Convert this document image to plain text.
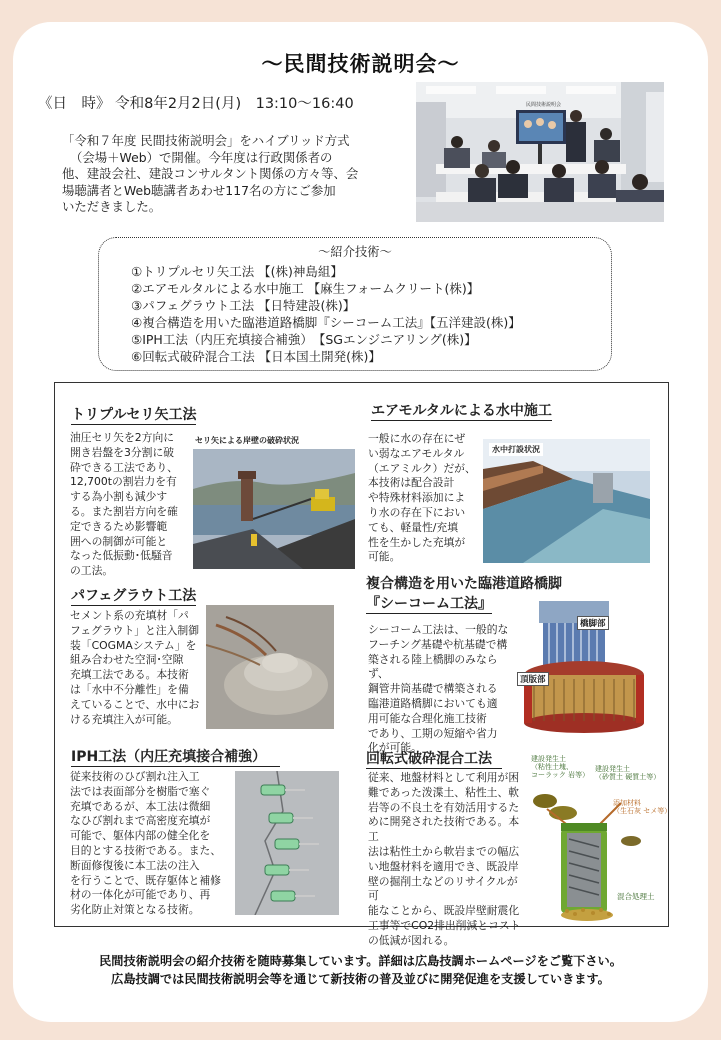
～民間技術説明会～
《日　時》 令和8年2月2日(月)　13:10～16:40
「令和７年度 民間技術説明会」をハイブリッド方式
（会場＋Web）で開催。今年度は行政関係者の
他、建設会社、建設コンサルタント関係の方々等、会
場聴講者とWeb聴講者あわせ117名の方にご参加
いただきました。
民間技術説明会
～紹介技術～
①トリプルセリ矢工法 【(株)神島組】
②エアモルタルによる水中施工 【麻生フォームクリート(株)】
③パフェグラウト工法 【日特建設(株)】
④複合構造を用いた臨港道路橋脚『シーコーム工法』【五洋建設(株)】
⑤IPH工法（内圧充填接合補強）　【SGエンジニアリング(株)】
⑥回転式破砕混合工法 【日本国土開発(株)】
トリプルセリ矢工法
油圧セリ矢を2方向に
開き岩盤を3分割に破
砕できる工法であり、
12,700tの割岩力を有
する為小割も減少す
る。また割岩方向を確
定できるため影響範
囲への制御が可能と
なった低振動･低騒音
の工法。
セリ矢による岸壁の破砕状況
エアモルタルによる水中施工
一般に水の存在にぜ
い弱なエアモルタル
（エアミルク）だが、
本技術は配合設計
や特殊材料添加によ
り水の存在下におい
ても、軽量性/充填
性を生かした充填が
可能。
水中打設状況
パフェグラウト工法
セメント系の充填材「パ
フェグラウト」と注入制御
装「COGMAシステム」を
組み合わせた空洞･空隙
充填工法である。本技術
は「水中不分離性」を備
えていることで、水中にお
ける充填注入が可能。
複合構造を用いた臨港道路橋脚
『シーコーム工法』
シーコーム工法は、一般的な
フーチング基礎や杭基礎で構
築される陸上橋脚のみならず、
鋼管井筒基礎で構築される
臨港道路橋脚においても適
用可能な合理化施工技術
であり、工期の短縮や省力
化が可能。
橋脚部
頂版部
IPH工法（内圧充填接合補強）
従来技術のひび割れ注入工
法では表面部分を樹脂で塞ぐ
充填であるが、本工法は微細
なひび割れまで高密度充填が
可能で、躯体内部の健全化を
目的とする技術である。また、
断面修復後に本工法の注入
を行うことで、既存躯体と補修
材の一体化が可能であり、再
劣化防止対策となる技術。
回転式破砕混合工法
従来、地盤材料として利用が困
難であった泼渫土、粘性土、軟
岩等の不良土を有効活用するた
めに開発された技術である。本工
法は粘性土から軟岩までの幅広
い地盤材料を適用でき、既設岸
壁の掘削土などのリサイクルが可
能なことから、既設岸壁耐震化
工事等でCO2排出削減とコスト
の低減が図れる。
建設発生土
（粘性土塊、
コーラック 岩等）
建設発生土
（砂質土 硬質土等）
添加材料
（生石灰 セメ等）
混合処理土
民間技術説明会の紹介技術を随時募集しています。詳細は広島技調ホームページをご覧下さい。
広島技調では民間技術説明会等を通じて新技術の普及並びに開発促進を支援していきます。
